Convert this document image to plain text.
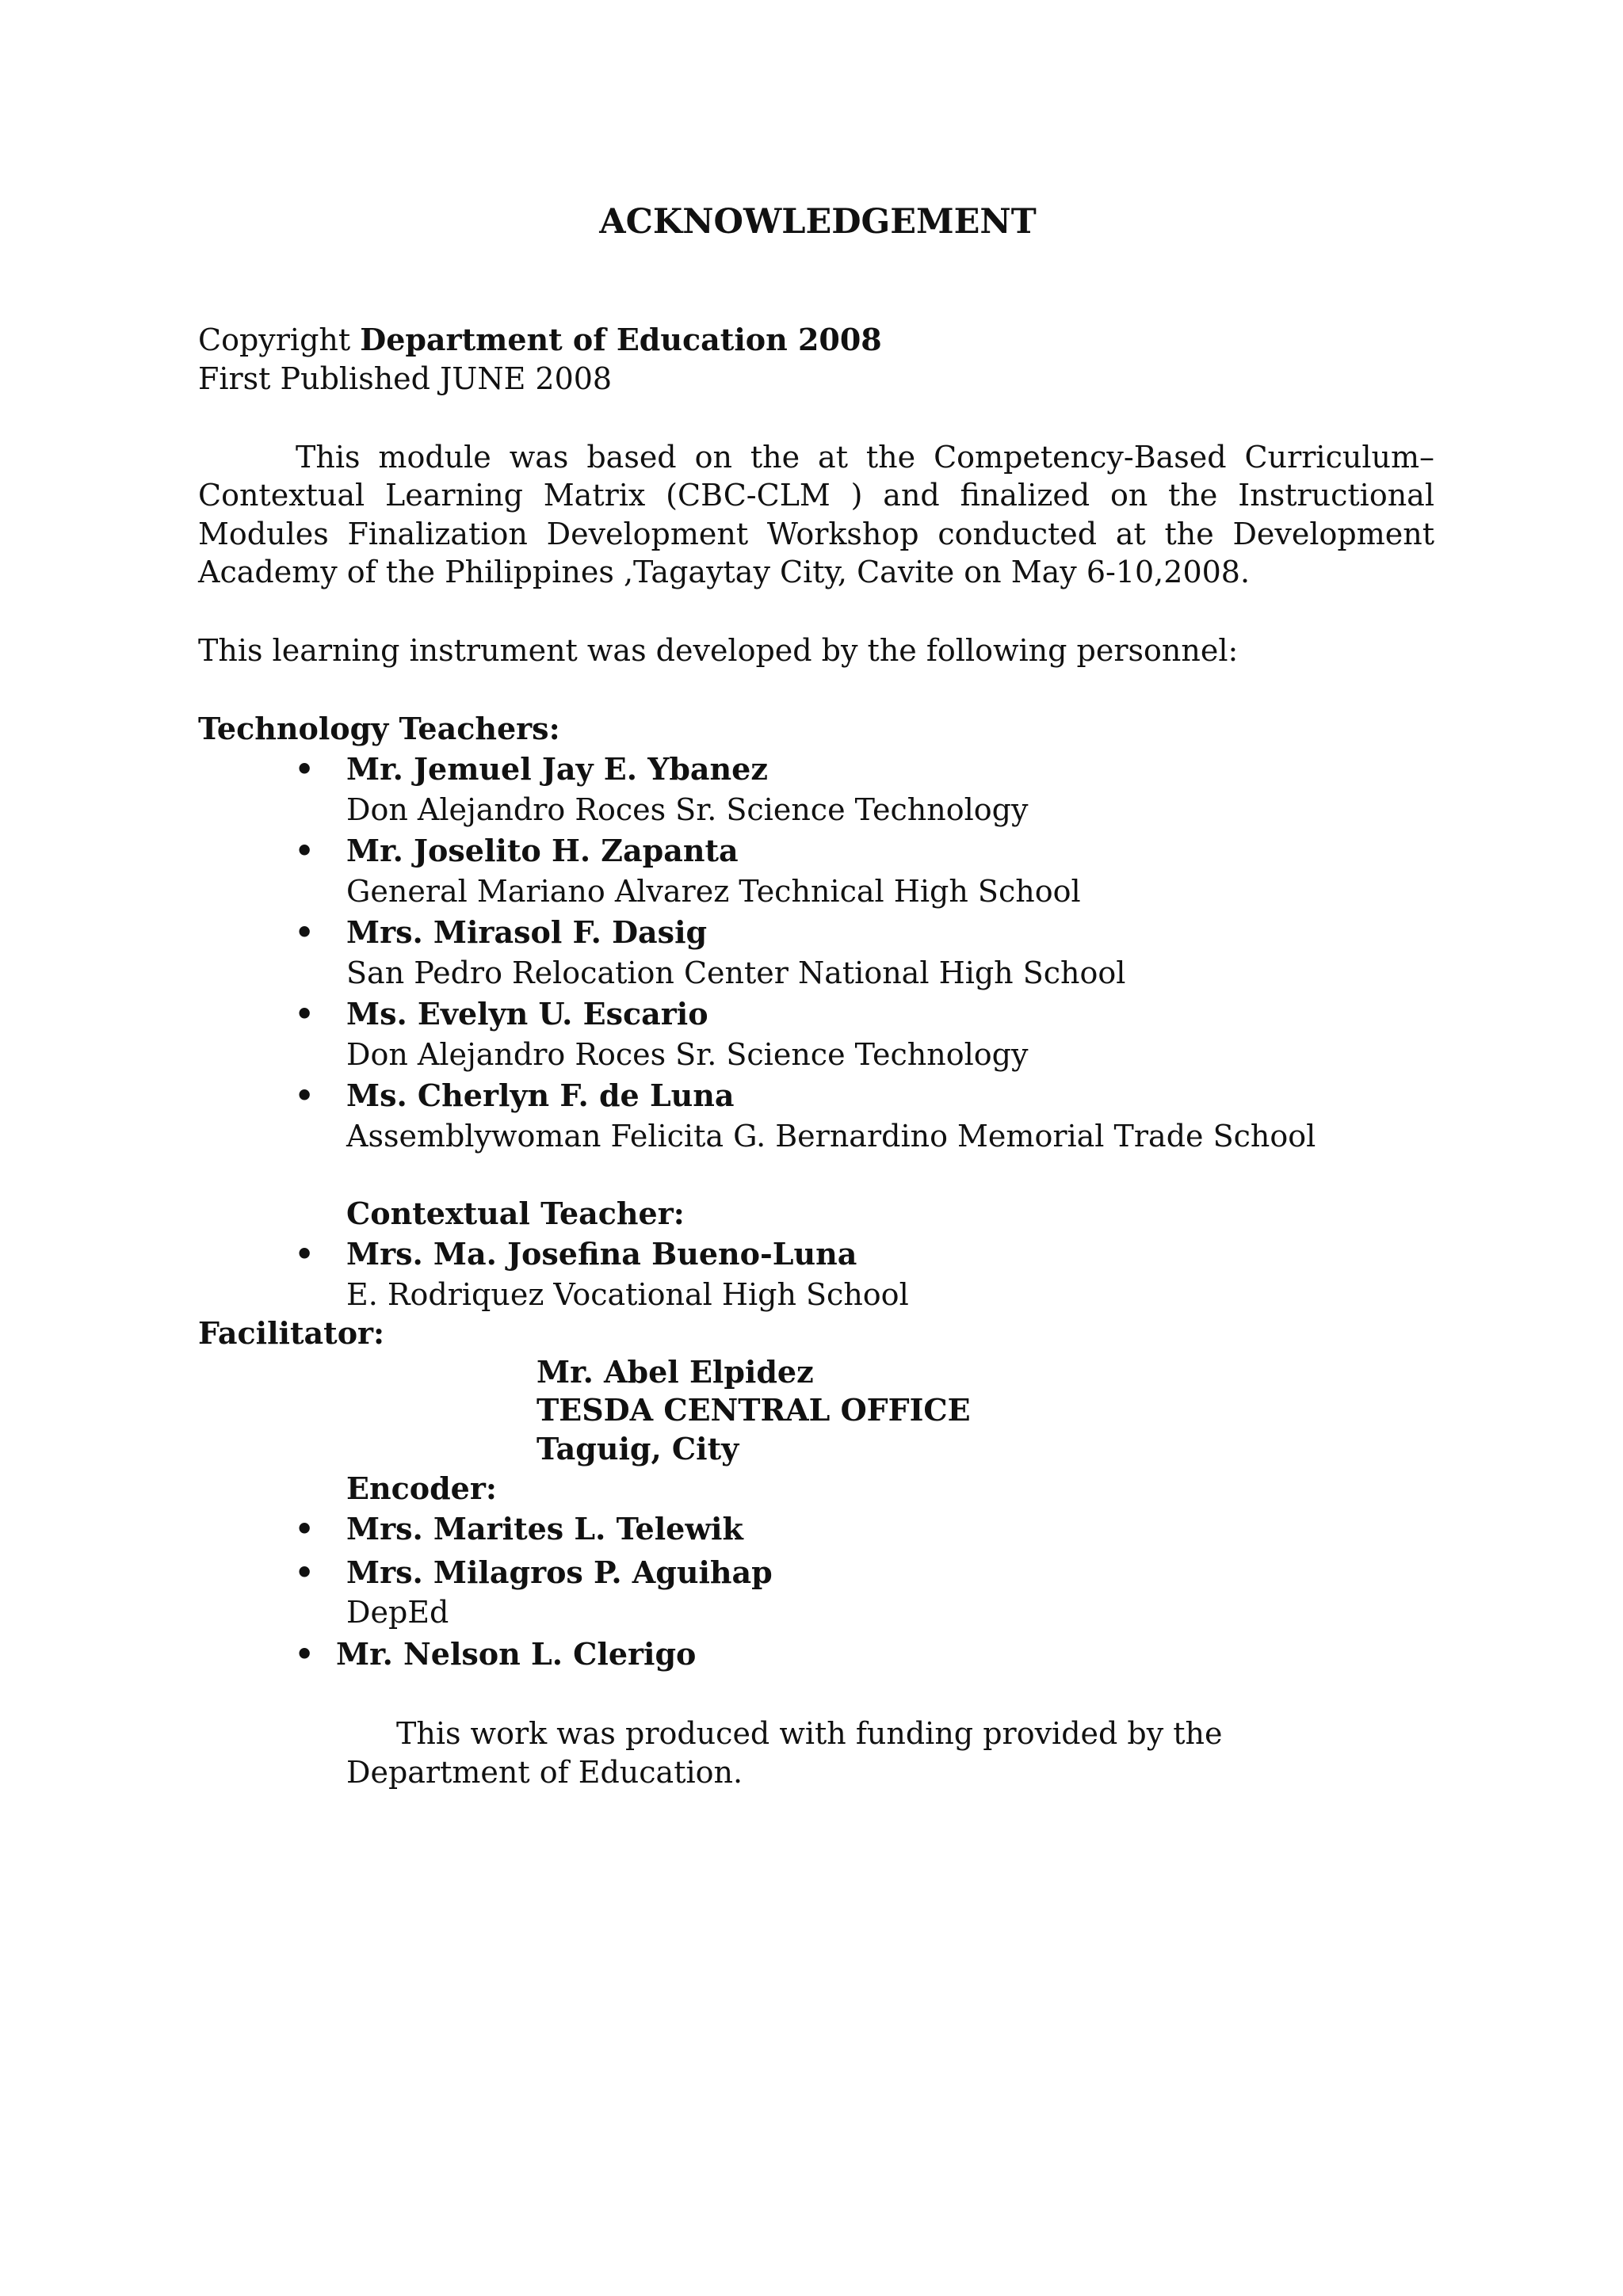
ACKNOWLEDGEMENT
Copyright Department of Education 2008
First Published JUNE 2008
This module was based on the at the Competency-Based Curriculum–
Contextual Learning Matrix (CBC-CLM ) and finalized on the Instructional
Modules Finalization Development Workshop conducted at the Development
Academy of the Philippines ,Tagaytay City, Cavite on May 6-10,2008.
This learning instrument was developed by the following personnel:
Technology Teachers:
• Mr. Jemuel Jay E. Ybanez
Don Alejandro Roces Sr. Science Technology
• Mr. Joselito H. Zapanta
General Mariano Alvarez Technical High School
• Mrs. Mirasol F. Dasig
San Pedro Relocation Center National High School
• Ms. Evelyn U. Escario
Don Alejandro Roces Sr. Science Technology
• Ms. Cherlyn F. de Luna
Assemblywoman Felicita G. Bernardino Memorial Trade School
Contextual Teacher:
• Mrs. Ma. Josefina Bueno-Luna
E. Rodriquez Vocational High School
Facilitator:
Mr. Abel Elpidez
TESDA CENTRAL OFFICE
Taguig, City
Encoder:
• Mrs. Marites L. Telewik
• Mrs. Milagros P. Aguihap
DepEd
• Mr. Nelson L. Clerigo
This work was produced with funding provided by the
Department of Education.
